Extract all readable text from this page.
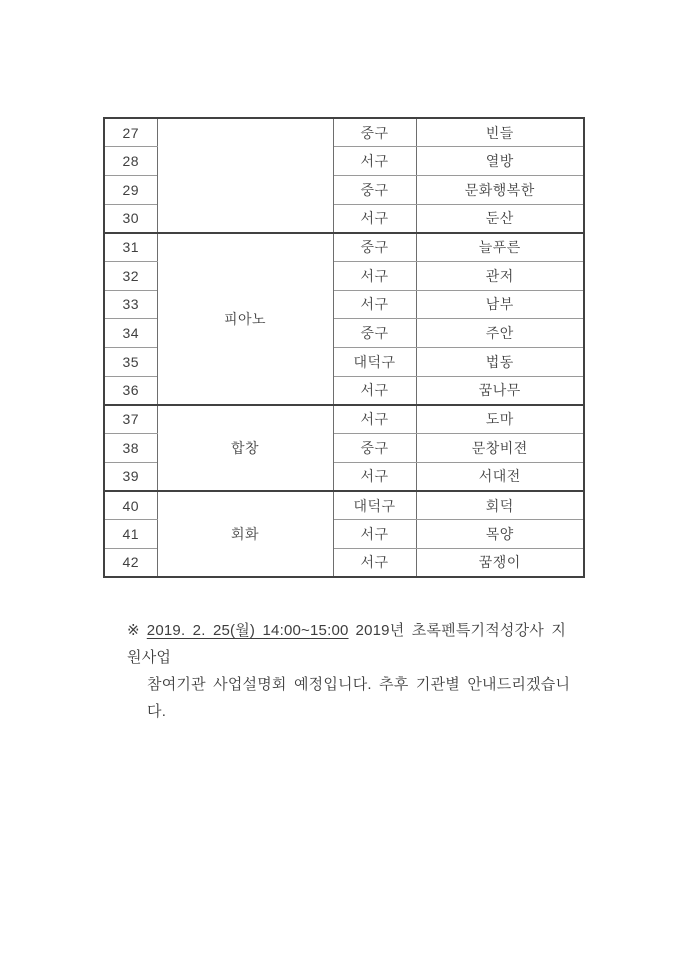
27		중구	빈들
28		서구	열방
29		중구	문화행복한
30		서구	둔산
31	피아노	중구	늘푸른
32		서구	관저
33		서구	남부
34		중구	주안
35		대덕구	법동
36		서구	꿈나무
37	합창	서구	도마
38		중구	문창비젼
39		서구	서대전
40	회화	대덕구	회덕
41		서구	목양
42		서구	꿈쟁이
※ 2019. 2. 25(월) 14:00~15:00 2019년 초록펜특기적성강사 지원사업
참여기관 사업설명회 예정입니다. 추후 기관별 안내드리겠습니다.
